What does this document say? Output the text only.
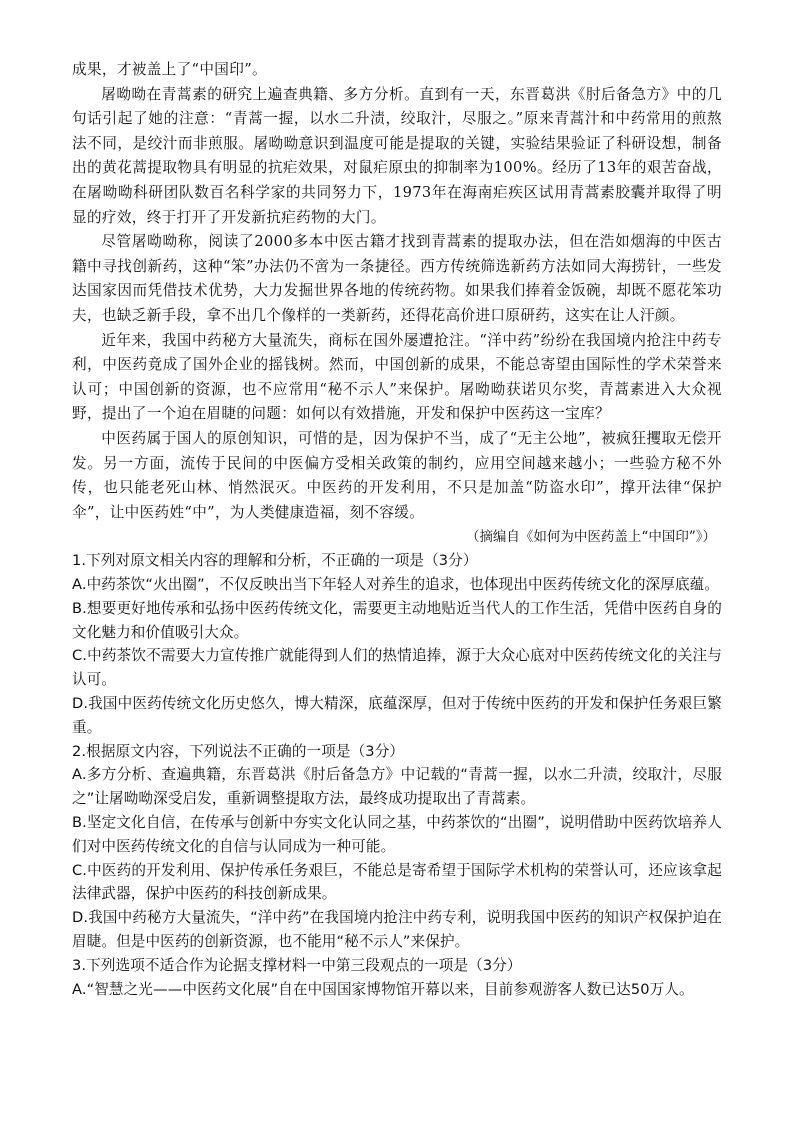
成果，才被盖上了“中国印”。

屠呦呦在青蒿素的研究上遍查典籍、多方分析。直到有一天，东晋葛洪《肘后备急方》中的几句话引起了她的注意：“青蒿一握，以水二升渍，绞取汁，尽服之。”原来青蒿汁和中药常用的煎熬法不同，是绞汁而非煎服。屠呦呦意识到温度可能是提取的关键，实验结果验证了科研设想，制备出的黄花蒿提取物具有明显的抗疟效果，对鼠疟原虫的抑制率为100%。经历了13年的艰苦奋战，在屠呦呦科研团队数百名科学家的共同努力下，1973年在海南疟疾区试用青蒿素胶囊并取得了明显的疗效，终于打开了开发新抗疟药物的大门。

尽管屠呦呦称，阅读了2000多本中医古籍才找到青蒿素的提取办法，但在浩如烟海的中医古籍中寻找创新药，这种“笨”办法仍不啻为一条捷径。西方传统筛选新药方法如同大海捞针，一些发达国家因而凭借技术优势，大力发掘世界各地的传统药物。如果我们捧着金饭碗，却既不愿花笨功夫，也缺乏新手段，拿不出几个像样的一类新药，还得花高价进口原研药，这实在让人汗颜。

近年来，我国中药秘方大量流失，商标在国外屡遭抢注。“洋中药”纷纷在我国境内抢注中药专利，中医药竟成了国外企业的摇钱树。然而，中国创新的成果，不能总寄望由国际性的学术荣誉来认可；中国创新的资源，也不应常用“秘不示人”来保护。屠呦呦获诺贝尔奖，青蒿素进入大众视野，提出了一个迫在眉睫的问题：如何以有效措施，开发和保护中医药这一宝库？

中医药属于国人的原创知识，可惜的是，因为保护不当，成了“无主公地”，被疯狂攫取无偿开发。另一方面，流传于民间的中医偏方受相关政策的制约，应用空间越来越小；一些验方秘不外传，也只能老死山林、悄然泯灭。中医药的开发利用，不只是加盖“防盗水印”，撑开法律“保护伞”，让中医药姓“中”，为人类健康造福，刻不容缓。

（摘编自《如何为中医药盖上“中国印”》）

1.下列对原文相关内容的理解和分析，不正确的一项是（3分）

A.中药茶饮“火出圈”，不仅反映出当下年轻人对养生的追求，也体现出中医药传统文化的深厚底蕴。

B.想要更好地传承和弘扬中医药传统文化，需要更主动地贴近当代人的工作生活，凭借中医药自身的文化魅力和价值吸引大众。

C.中药茶饮不需要大力宣传推广就能得到人们的热情追捧，源于大众心底对中医药传统文化的关注与认可。

D.我国中医药传统文化历史悠久，博大精深，底蕴深厚，但对于传统中医药的开发和保护任务艰巨繁重。

2.根据原文内容，下列说法不正确的一项是（3分）

A.多方分析、查遍典籍，东晋葛洪《肘后备急方》中记载的“青蒿一握，以水二升渍，绞取汁，尽服之”让屠呦呦深受启发，重新调整提取方法，最终成功提取出了青蒿素。

B.坚定文化自信，在传承与创新中夯实文化认同之基，中药茶饮的“出圈”，说明借助中医药饮培养人们对中医药传统文化的自信与认同成为一种可能。

C.中医药的开发利用、保护传承任务艰巨，不能总是寄希望于国际学术机构的荣誉认可，还应该拿起法律武器，保护中医药的科技创新成果。

D.我国中药秘方大量流失，“洋中药”在我国境内抢注中药专利，说明我国中医药的知识产权保护迫在眉睫。但是中医药的创新资源，也不能用“秘不示人”来保护。

3.下列选项不适合作为论据支撑材料一中第三段观点的一项是（3分）

A.“智慧之光——中医药文化展”自在中国国家博物馆开幕以来，目前参观游客人数已达50万人。
